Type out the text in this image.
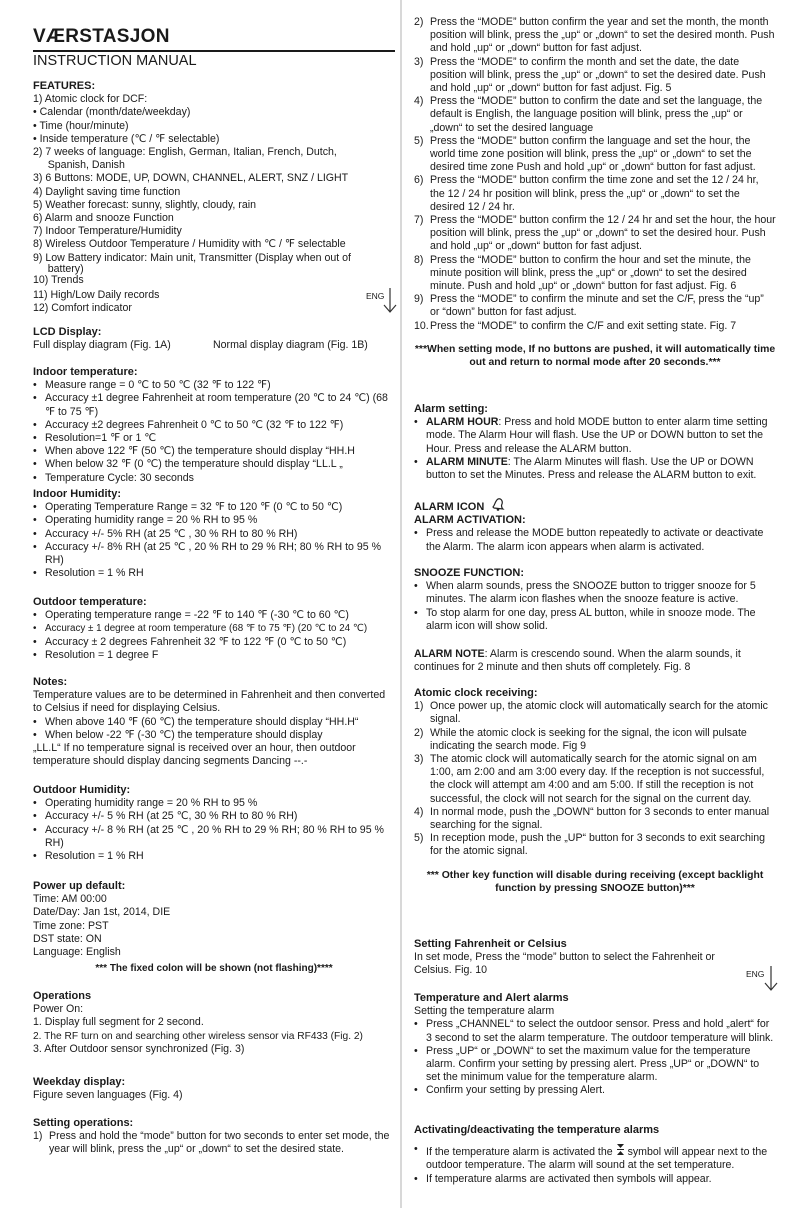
VÆRSTASJON
INSTRUCTION MANUAL
FEATURES:
1) Atomic clock for DCF:
• Calendar (month/date/weekday)
• Time (hour/minute)
• Inside temperature (℃ / ℉ selectable)
2) 7 weeks of language: English, German, Italian, French, Dutch,
Spanish, Danish
3) 6 Buttons: MODE, UP, DOWN, CHANNEL, ALERT, SNZ / LIGHT
4) Daylight saving time function
5) Weather forecast: sunny, slightly, cloudy, rain
6) Alarm and snooze Function
7) Indoor Temperature/Humidity
8) Wireless Outdoor Temperature / Humidity with ℃ / ℉ selectable
9) Low Battery indicator: Main unit, Transmitter (Display when out of
battery)
10) Trends
11) High/Low Daily records
12) Comfort indicator
ENG
LCD Display:
Full display diagram (Fig. 1A)	Normal display diagram (Fig. 1B)
Indoor temperature:
• Measure range = 0 ℃ to 50 ℃ (32 ℉ to 122 ℉)
• Accuracy ±1 degree Fahrenheit at room temperature (20 ℃ to 24 ℃) (68 ℉ to 75 ℉)
• Accuracy ±2 degrees Fahrenheit 0 ℃ to 50 ℃ (32 ℉ to 122 ℉)
• Resolution=1 ℉ or 1 ℃
• When above 122 ℉ (50 ℃) the temperature should display “HH.H
• When below 32 ℉ (0 ℃) the temperature should display “LL.L „
• Temperature Cycle: 30 seconds
Indoor Humidity:
• Operating Temperature Range = 32 ℉ to 120 ℉ (0 ℃ to 50 ℃)
• Operating humidity range = 20 % RH to 95 %
• Accuracy +/- 5% RH (at 25 ℃ , 30 % RH to 80 % RH)
• Accuracy +/- 8% RH (at 25 ℃ , 20 % RH to 29 % RH; 80 % RH to 95 % RH)
• Resolution = 1 % RH
Outdoor temperature:
• Operating temperature range = -22 ℉ to 140 ℉ (-30 ℃ to 60 ℃)
• Accuracy ± 1 degree at room temperature (68 ℉ to 75 ℉) (20 ℃ to 24 ℃)
• Accuracy ± 2 degrees Fahrenheit 32 ℉ to 122 ℉ (0 ℃ to 50 ℃)
• Resolution = 1 degree F
Notes:

Temperature values are to be determined in Fahrenheit and then converted to Celsius if need for displaying Celsius.

• When above 140 ℉ (60 ℃) the temperature should display “HH.H“
• When below -22 ℉ (-30 ℃) the temperature should display

„LL.L“ If no temperature signal is received over an hour, then outdoor temperature should display dancing segments Dancing --.-

Outdoor Humidity:
• Operating humidity range = 20 % RH to 95 %
• Accuracy +/- 5 % RH (at 25 ℃, 30 % RH to 80 % RH)
• Accuracy +/- 8 % RH (at 25 ℃ , 20 % RH to 29 % RH; 80 % RH to 95 % RH)
• Resolution = 1 % RH
Power up default:
Time: AM 00:00
Date/Day: Jan 1st, 2014, DIE
Time zone: PST
DST state: ON
Language: English
*** The fixed colon will be shown (not flashing)****
Operations
Power On:
1. Display full segment for 2 second.
2. The RF turn on and searching other wireless sensor via RF433 (Fig. 2)
3. After Outdoor sensor synchronized (Fig. 3)
Weekday display:
Figure seven languages (Fig. 4)
Setting operations:
1) Press and hold the “mode” button for two seconds to enter set mode, the year will blink, press the „up“ or „down“ to set the desired state.
2) Press the “MODE” button confirm the year and set the month, the month position will blink, press the „up“ or „down“ to set the desired month. Push and hold „up“ or „down“ button for fast adjust.
3) Press the “MODE” to confirm the month and set the date, the date position will blink, press the „up“ or „down“ to set the desired date. Push and hold „up“ or „down“ button for fast adjust. Fig. 5
4) Press the “MODE” button to confirm the date and set the language, the default is English, the language position will blink, press the „up“ or „down“ to set the desired language
5) Press the “MODE” button confirm the language and set the hour, the world time zone position will blink, press the „up“ or „down“ to set the desired time zone Push and hold „up“ or „down“ button for fast adjust.
6) Press the “MODE” button confirm the time zone and set the 12 / 24 hr, the 12 / 24 hr position will blink, press the „up“ or „down“ to set the desired 12 / 24 hr.
7) Press the “MODE” button confirm the 12 / 24 hr and set the hour, the hour position will blink, press the „up“ or „down“ to set the desired hour. Push and hold „up“ or „down“ button for fast adjust.
8) Press the “MODE” button to confirm the hour and set the minute, the minute position will blink, press the „up“ or „down“ to set the desired minute. Push and hold „up“ or „down“ button for fast adjust. Fig. 6
9) Press the “MODE” to confirm the minute and set the C/F, press the “up” or “down” button for fast adjust.
10. Press the “MODE” to confirm the C/F and exit setting state. Fig. 7
***When setting mode, If no buttons are pushed, it will automatically time out and return to normal mode after 20 seconds.***
Alarm setting:
• ALARM HOUR: Press and hold MODE button to enter alarm time setting mode. The Alarm Hour will flash. Use the UP or DOWN button to set the Hour. Press and release the ALARM button.
• ALARM MINUTE: The Alarm Minutes will flash. Use the UP or DOWN button to set the Minutes. Press and release the ALARM button to exit.
ALARM ICON
ALARM ACTIVATION:
• Press and release the MODE button repeatedly to activate or deactivate the Alarm. The alarm icon appears when alarm is activated.
SNOOZE FUNCTION:
• When alarm sounds, press the SNOOZE button to trigger snooze for 5 minutes. The alarm icon flashes when the snooze feature is active.
• To stop alarm for one day, press AL button, while in snooze mode. The alarm icon will show solid.

ALARM NOTE: Alarm is crescendo sound. When the alarm sounds, it continues for 2 minute and then shuts off completely. Fig. 8

Atomic clock receiving:
1) Once power up, the atomic clock will automatically search for the atomic signal.
2) While the atomic clock is seeking for the signal, the icon will pulsate indicating the search mode. Fig 9
3) The atomic clock will automatically search for the atomic signal on am 1:00, am 2:00 and am 3:00 every day. If the reception is not successful, the clock will attempt am 4:00 and am 5:00. If still the reception is not successful, the clock will not search for the signal on the current day.
4) In normal mode, push the „DOWN“ button for 3 seconds to enter manual searching for the signal.
5) In reception mode, push the „UP“ button for 3 seconds to exit searching for the atomic signal.
*** Other key function will disable during receiving (except backlight function by pressing SNOOZE button)***
Setting Fahrenheit or Celsius

In set mode, Press the “mode” button to select the Fahrenheit or Celsius. Fig. 10	ENG
Temperature and Alert alarms
Setting the temperature alarm
• Press „CHANNEL“ to select the outdoor sensor. Press and hold „alert“ for 3 second to set the alarm temperature. The outdoor temperature will blink.
• Press „UP“ or „DOWN“ to set the maximum value for the temperature alarm. Confirm your setting by pressing alert. Press „UP“ or „DOWN“ to set the minimum value for the temperature alarm.
• Confirm your setting by pressing Alert.
Activating/deactivating the temperature alarms
• If the temperature alarm is activated the symbol will appear next to the outdoor temperature. The alarm will sound at the set temperature.
• If temperature alarms are activated then symbols will appear.
